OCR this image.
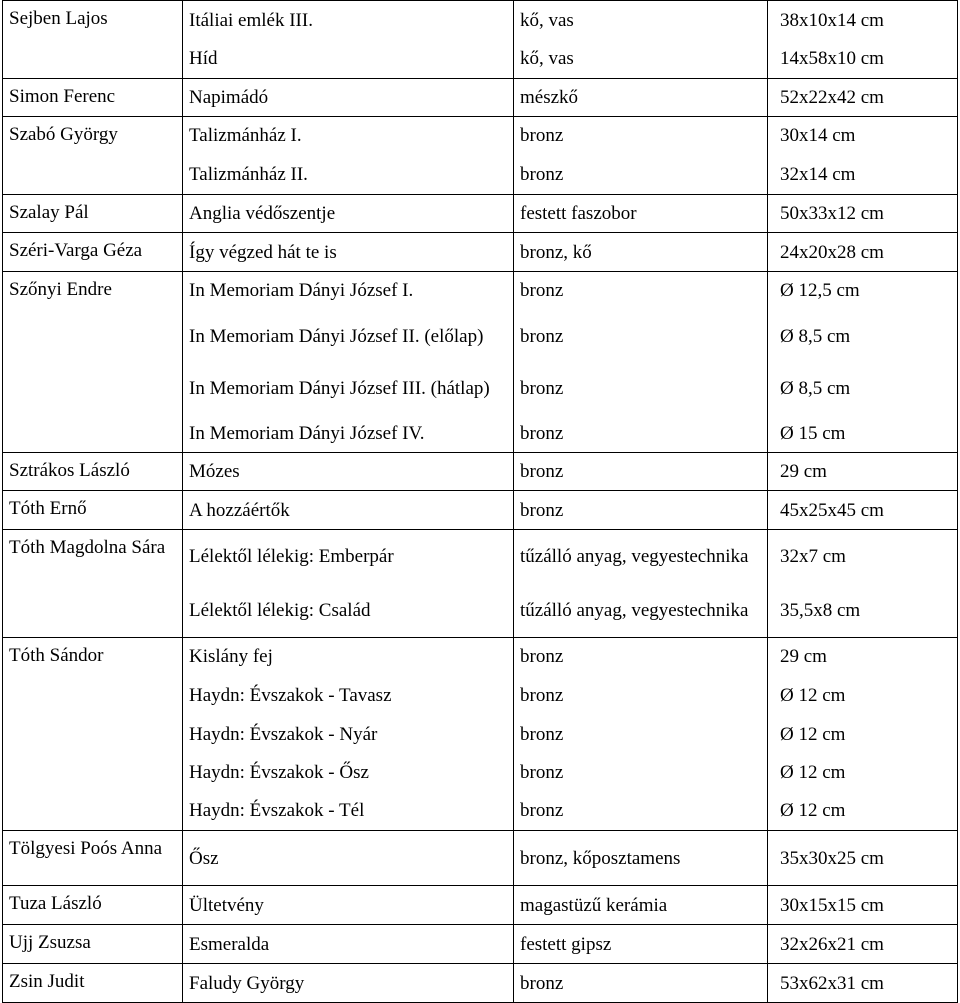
Sejben Lajos	Itáliai emlék III.	kő, vas	38x10x14 cm
	Híd	kő, vas	14x58x10 cm
Simon Ferenc	Napimádó	mészkő	52x22x42 cm
Szabó György	Talizmánház I.	bronz	30x14 cm
	Talizmánház II.	bronz	32x14 cm
Szalay Pál	Anglia védőszentje	festett faszobor	50x33x12 cm
Széri-Varga Géza	Így végzed hát te is	bronz, kő	24x20x28 cm
Szőnyi Endre	In Memoriam Dányi József I.	bronz	Ø 12,5 cm
	In Memoriam Dányi József II. (előlap)	bronz	Ø 8,5 cm
	In Memoriam Dányi József III. (hátlap)	bronz	Ø 8,5 cm
	In Memoriam Dányi József IV.	bronz	Ø 15 cm
Sztrákos László	Mózes	bronz	29 cm
Tóth Ernő	A hozzáértők	bronz	45x25x45 cm
Tóth Magdolna Sára	Lélektől lélekig: Emberpár	tűzálló anyag, vegyestechnika	32x7 cm
	Lélektől lélekig: Család	tűzálló anyag, vegyestechnika	35,5x8 cm
Tóth Sándor	Kislány fej	bronz	29 cm
	Haydn: Évszakok - Tavasz	bronz	Ø 12 cm
	Haydn: Évszakok - Nyár	bronz	Ø 12 cm
	Haydn: Évszakok - Ősz	bronz	Ø 12 cm
	Haydn: Évszakok - Tél	bronz	Ø 12 cm
Tölgyesi Poós Anna	Ősz	bronz, kőposztamens	35x30x25 cm
Tuza László	Ültetvény	magastüzű kerámia	30x15x15 cm
Ujj Zsuzsa	Esmeralda	festett gipsz	32x26x21 cm
Zsin Judit	Faludy György	bronz	53x62x31 cm
